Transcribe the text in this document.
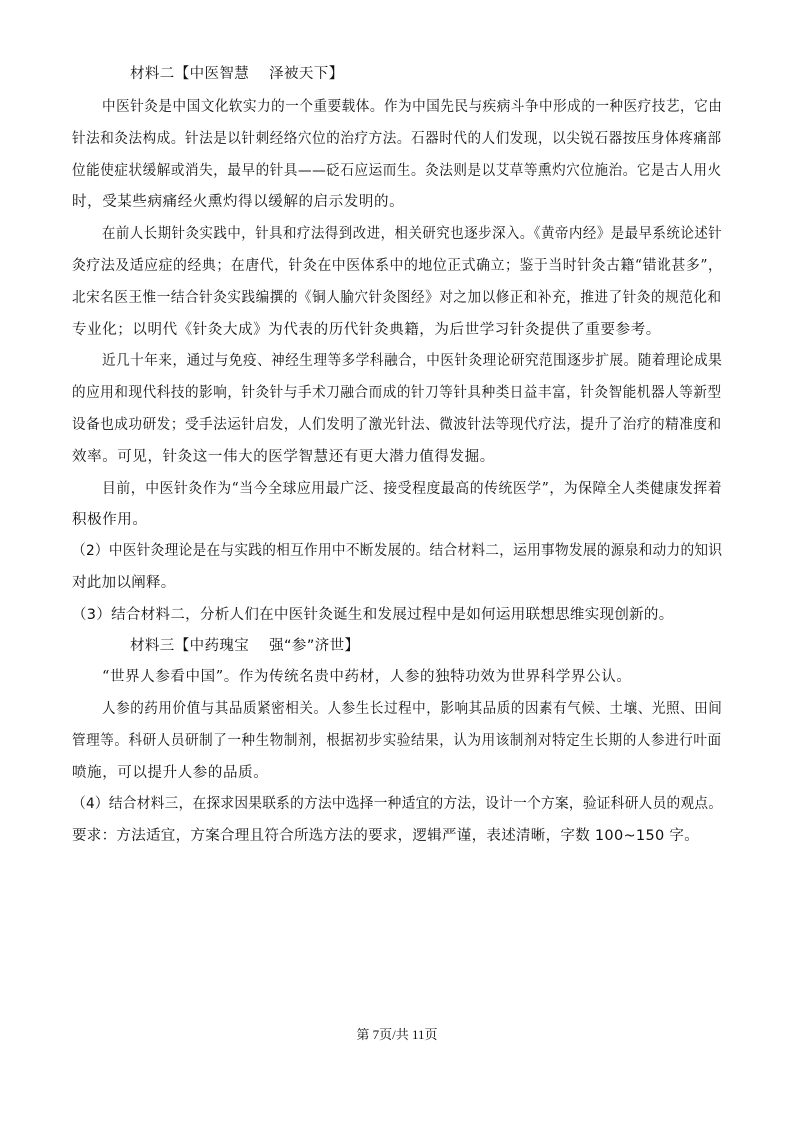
材料二【中医智慧　 泽被天下】
中医针灸是中国文化软实力的一个重要载体。作为中国先民与疾病斗争中形成的一种医疗技艺，它由
针法和灸法构成。针法是以针刺经络穴位的治疗方法。石器时代的人们发现，以尖锐石器按压身体疼痛部
位能使症状缓解或消失，最早的针具——砭石应运而生。灸法则是以艾草等熏灼穴位施治。它是古人用火
时，受某些病痛经火熏灼得以缓解的启示发明的。
在前人长期针灸实践中，针具和疗法得到改进，相关研究也逐步深入。《黄帝内经》是最早系统论述针
灸疗法及适应症的经典；在唐代，针灸在中医体系中的地位正式确立；鉴于当时针灸古籍“错讹甚多”，
北宋名医王惟一结合针灸实践编撰的《铜人腧穴针灸图经》对之加以修正和补充，推进了针灸的规范化和
专业化；以明代《针灸大成》为代表的历代针灸典籍，为后世学习针灸提供了重要参考。
近几十年来，通过与免疫、神经生理等多学科融合，中医针灸理论研究范围逐步扩展。随着理论成果
的应用和现代科技的影响，针灸针与手术刀融合而成的针刀等针具种类日益丰富，针灸智能机器人等新型
设备也成功研发；受手法运针启发，人们发明了激光针法、微波针法等现代疗法，提升了治疗的精准度和
效率。可见，针灸这一伟大的医学智慧还有更大潜力值得发掘。
目前，中医针灸作为“当今全球应用最广泛、接受程度最高的传统医学”，为保障全人类健康发挥着
积极作用。
（2）中医针灸理论是在与实践的相互作用中不断发展的。结合材料二，运用事物发展的源泉和动力的知识
对此加以阐释。
（3）结合材料二，分析人们在中医针灸诞生和发展过程中是如何运用联想思维实现创新的。
材料三【中药瑰宝　 强“参”济世】
“世界人参看中国”。作为传统名贵中药材，人参的独特功效为世界科学界公认。
人参的药用价值与其品质紧密相关。人参生长过程中，影响其品质的因素有气候、土壤、光照、田间
管理等。科研人员研制了一种生物制剂，根据初步实验结果，认为用该制剂对特定生长期的人参进行叶面
喷施，可以提升人参的品质。
（4）结合材料三，在探求因果联系的方法中选择一种适宜的方法，设计一个方案，验证科研人员的观点。
要求：方法适宜，方案合理且符合所选方法的要求，逻辑严谨，表述清晰，字数 100~150 字。
第 7页/共 11页
